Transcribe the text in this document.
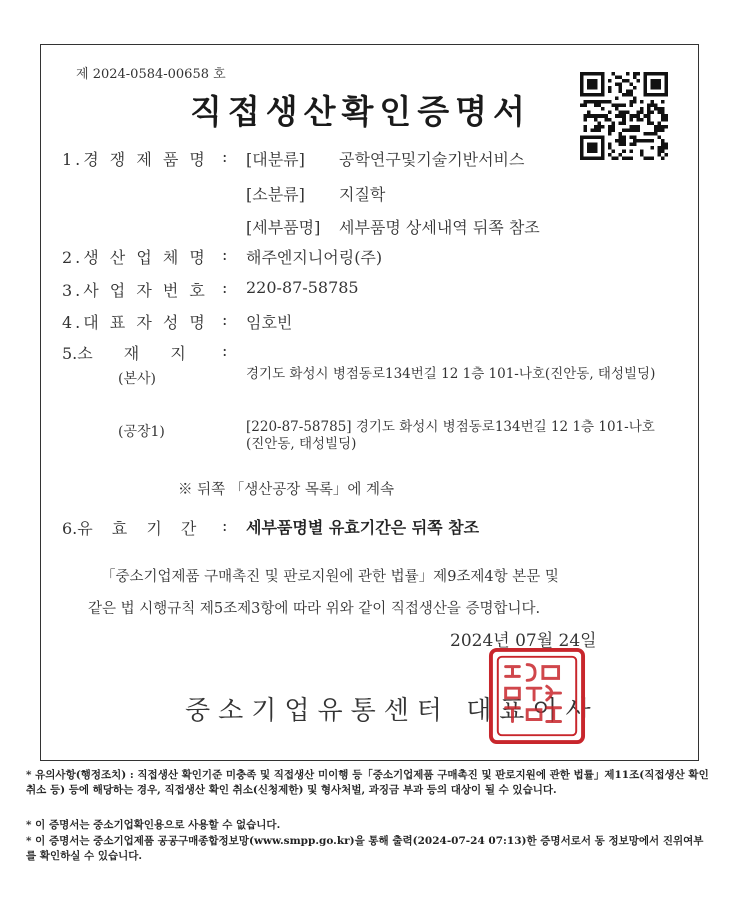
제 2024-0584-00658 호
직접생산확인증명서
1.경 쟁 제 품 명 : [대분류] 공학연구및기술기반서비스
[소분류] 지질학
[세부품명] 세부품명 상세내역 뒤쪽 참조
2.생 산 업 체 명 : 해주엔지니어링(주)
3.사 업 자 번 호 : 220-87-58785
4.대 표 자 성 명 : 임호빈
5.소 재 지 :
(본사)	경기도 화성시 병점동로134번길 12 1층 101-나호(진안동, 태성빌딩)
(공장1)	[220-87-58785] 경기도 화성시 병점동로134번길 12 1층 101-나호(진안동, 태성빌딩)
※ 뒤쪽 「생산공장 목록」에 계속
6.유 효 기 간 : 세부품명별 유효기간은 뒤쪽 참조
「중소기업제품 구매촉진 및 판로지원에 관한 법률」제9조제4항 본문 및
같은 법 시행규칙 제5조제3항에 따라 위와 같이 직접생산을 증명합니다.
2024년 07월 24일
중소기업유통센터 대표이사
* 유의사항(행정조치) : 직접생산 확인기준 미충족 및 직접생산 미이행 등「중소기업제품 구매촉진 및 판로지원에 관한 법률」제11조(직접생산 확인 취소 등) 등에 해당하는 경우, 직접생산 확인 취소(신청제한) 및 형사처벌, 과징금 부과 등의 대상이 될 수 있습니다.
* 이 증명서는 중소기업확인용으로 사용할 수 없습니다.
* 이 증명서는 중소기업제품 공공구매종합정보망(www.smpp.go.kr)을 통해 출력(2024-07-24 07:13)한 증명서로서 동 정보망에서 진위여부를 확인하실 수 있습니다.
